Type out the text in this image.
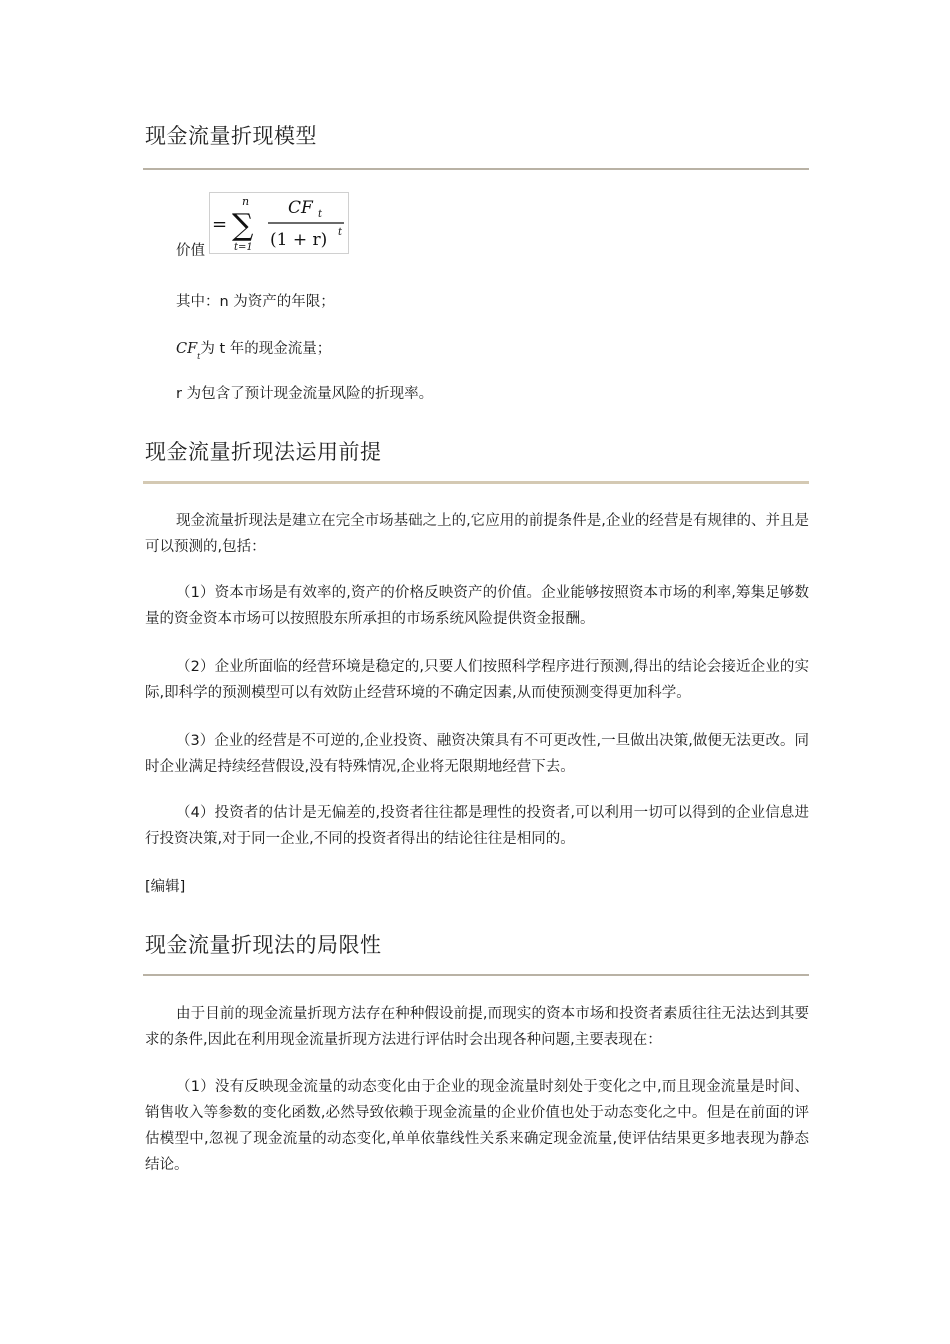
现金流量折现模型
价值
= ∑
n
t=1
CF t
(1 + r) t
其中：n 为资产的年限；
$CF_t$为 t 年的现金流量；
r 为包含了预计现金流量风险的折现率。
现金流量折现法运用前提

现金流量折现法是建立在完全市场基础之上的,它应用的前提条件是,企业的经营是有规律的、并且是可以预测的,包括：

（1）资本市场是有效率的,资产的价格反映资产的价值。企业能够按照资本市场的利率,筹集足够数量的资金资本市场可以按照股东所承担的市场系统风险提供资金报酬。

（2）企业所面临的经营环境是稳定的,只要人们按照科学程序进行预测,得出的结论会接近企业的实际,即科学的预测模型可以有效防止经营环境的不确定因素,从而使预测变得更加科学。

（3）企业的经营是不可逆的,企业投资、融资决策具有不可更改性,一旦做出决策,做便无法更改。同时企业满足持续经营假设,没有特殊情况,企业将无限期地经营下去。

（4）投资者的估计是无偏差的,投资者往往都是理性的投资者,可以利用一切可以得到的企业信息进行投资决策,对于同一企业,不同的投资者得出的结论往往是相同的。

[编辑]
现金流量折现法的局限性

由于目前的现金流量折现方法存在种种假设前提,而现实的资本市场和投资者素质往往无法达到其要求的条件,因此在利用现金流量折现方法进行评估时会出现各种问题,主要表现在：

（1）没有反映现金流量的动态变化由于企业的现金流量时刻处于变化之中,而且现金流量是时间、销售收入等参数的变化函数,必然导致依赖于现金流量的企业价值也处于动态变化之中。但是在前面的评估模型中,忽视了现金流量的动态变化,单单依靠线性关系来确定现金流量,使评估结果更多地表现为静态结论。
